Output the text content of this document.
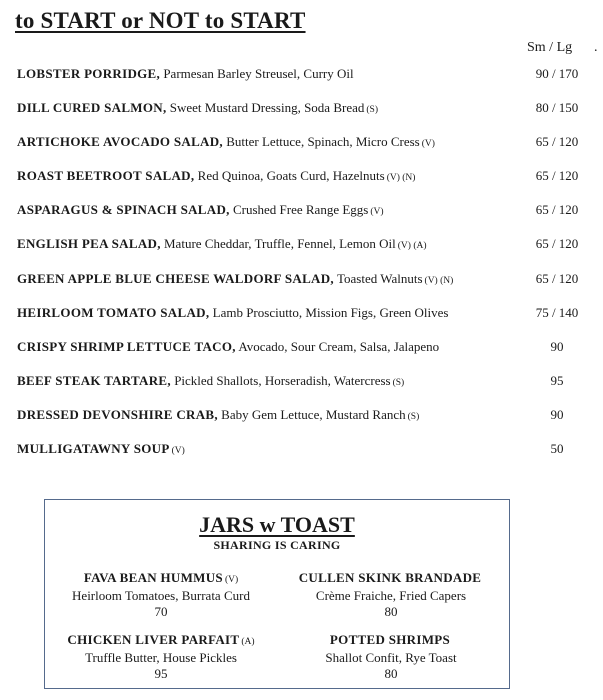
to START or NOT to START
Sm / Lg .
LOBSTER PORRIDGE, Parmesan Barley Streusel, Curry Oil	90 / 170
DILL CURED SALMON, Sweet Mustard Dressing, Soda Bread (S)	80 / 150
ARTICHOKE AVOCADO SALAD, Butter Lettuce, Spinach, Micro Cress (V)	65 / 120
ROAST BEETROOT SALAD, Red Quinoa, Goats Curd, Hazelnuts (V) (N)	65 / 120
ASPARAGUS & SPINACH SALAD, Crushed Free Range Eggs (V)	65 / 120
ENGLISH PEA SALAD, Mature Cheddar, Truffle, Fennel, Lemon Oil (V) (A)	65 / 120
GREEN APPLE BLUE CHEESE WALDORF SALAD, Toasted Walnuts (V) (N)	65 / 120
HEIRLOOM TOMATO SALAD, Lamb Prosciutto, Mission Figs, Green Olives	75 / 140
CRISPY SHRIMP LETTUCE TACO, Avocado, Sour Cream, Salsa, Jalapeno	90
BEEF STEAK TARTARE, Pickled Shallots, Horseradish, Watercress (S)	95
DRESSED DEVONSHIRE CRAB, Baby Gem Lettuce, Mustard Ranch (S)	90
MULLIGATAWNY SOUP (V)	50
JARS w TOAST
SHARING IS CARING
FAVA BEAN HUMMUS (V)
Heirloom Tomatoes, Burrata Curd
70
CULLEN SKINK BRANDADE
Crème Fraiche, Fried Capers
80
CHICKEN LIVER PARFAIT (A)
Truffle Butter, House Pickles
95
POTTED SHRIMPS
Shallot Confit, Rye Toast
80
